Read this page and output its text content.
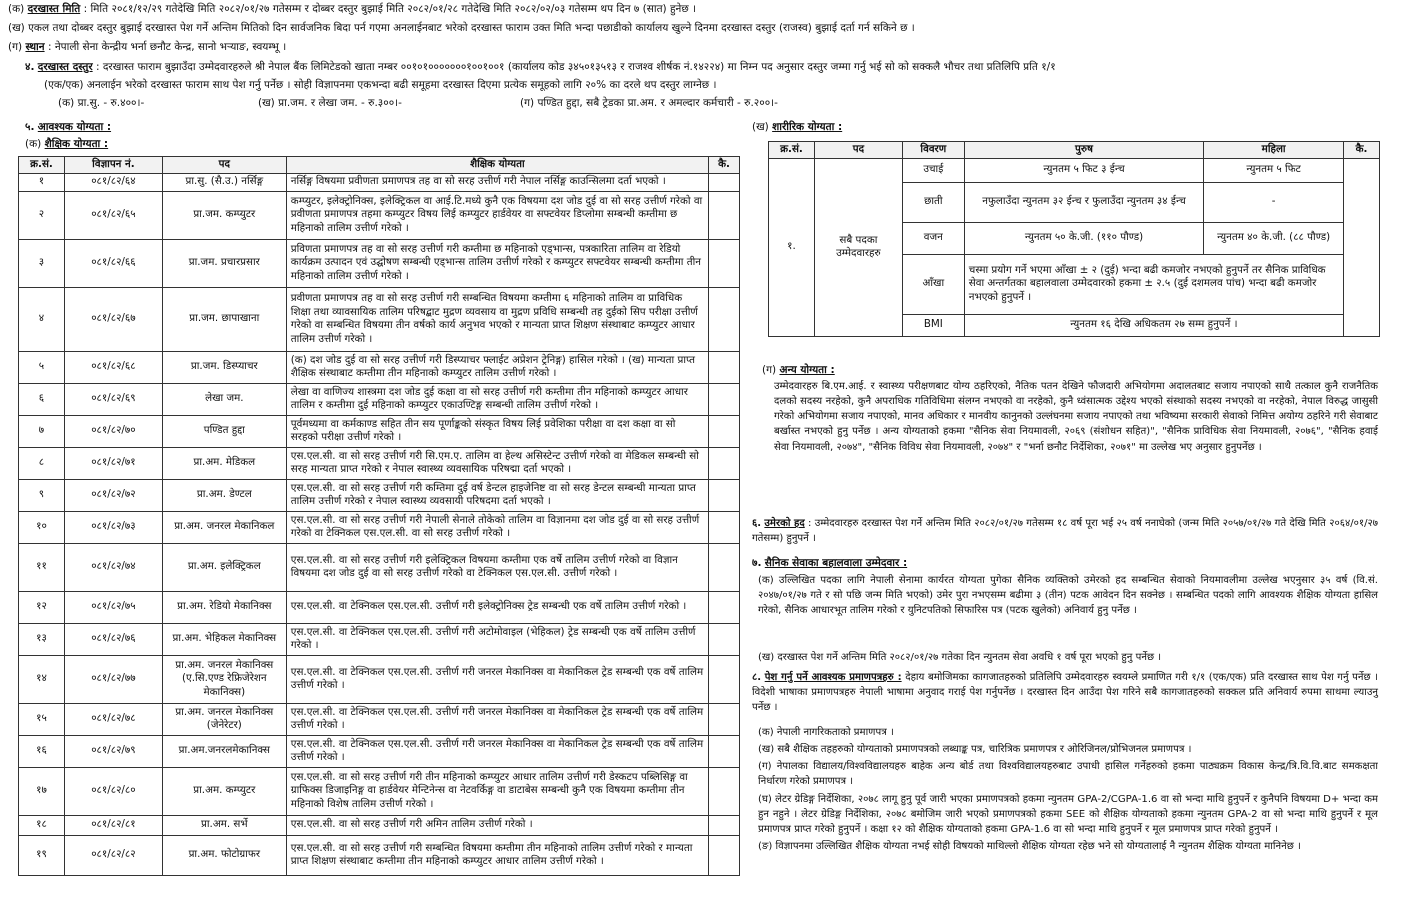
(क) दरखास्त मिति : मिति २०८१/१२/२९ गतेदेखि मिति २०८२/०१/२७ गतेसम्म र दोब्बर दस्तुर बुझाई मिति २०८२/०१/२८ गतेदेखि मिति २०८२/०२/०३ गतेसम्म थप दिन ७ (सात) हुनेछ ।
(ख) एकल तथा दोब्बर दस्तुर बुझाई दरखास्त पेश गर्ने अन्तिम मितिको दिन सार्वजनिक बिदा पर्न गएमा अनलाईनबाट भरेको दरखास्त फाराम उक्त मिति भन्दा पछाडीको कार्यालय खुल्ने दिनमा दरखास्त दस्तुर (राजस्व) बुझाई दर्ता गर्न सकिने छ ।
(ग) स्थान : नेपाली सेना केन्द्रीय भर्ना छनौट केन्द्र, सानो भऱ्याङ, स्वयम्भू ।
४. दरखास्त दस्तुर : दरखास्त फाराम बुझाउँदा उम्मेदवारहरुले श्री नेपाल बैंक लिमिटेडको खाता नम्बर ००१०१०००००००१००१००१ (कार्यालय कोड ३४५०१३५१३ र राजश्व शीर्षक नं.१४२२४) मा निम्न पद अनुसार दस्तुर जम्मा गर्नु भई सो को सक्कलै भौचर तथा प्रतिलिपि प्रति १/१
(एक/एक) अनलाईन भरेको दरखास्त फाराम साथ पेश गर्नु पर्नेछ । सोही विज्ञापनमा एकभन्दा बढी समूहमा दरखास्त दिएमा प्रत्येक समूहको लागि २०% का दरले थप दस्तुर लाग्नेछ ।
(क) प्रा.सु. - रु.४००।-	(ख) प्रा.जम. र लेखा जम. - रु.३००।-	(ग) पण्डित हुद्दा, सबै ट्रेडका प्रा.अम. र अमल्दार कर्मचारी - रु.२००।-
५. आवश्यक योग्यता :
(क) शैक्षिक योग्यता :
क्र.सं.	विज्ञापन नं.	पद	शैक्षिक योग्यता	कै.
१	०८१/८२/६४	प्रा.सु. (सै.उ.) नर्सिङ्ग	नर्सिङ्ग विषयमा प्रवीणता प्रमाणपत्र तह वा सो सरह उत्तीर्ण गरी नेपाल नर्सिङ्ग काउन्सिलमा दर्ता भएको ।	
२	०८१/८२/६५	प्रा.जम. कम्प्युटर	कम्प्युटर, इलेक्ट्रोनिक्स, इलेक्ट्रिकल वा आई.टि.मध्ये कुनै एक विषयमा दश जोड दुई वा सो सरह उत्तीर्ण गरेको वा प्रवीणता प्रमाणपत्र तहमा कम्प्युटर विषय लिई कम्प्युटर हार्डवेयर वा सफ्टवेयर डिप्लोमा सम्बन्धी कम्तीमा छ महिनाको तालिम उत्तीर्ण गरेको ।	
३	०८१/८२/६६	प्रा.जम. प्रचारप्रसार	प्रविणता प्रमाणपत्र तह वा सो सरह उत्तीर्ण गरी कम्तीमा छ महिनाको एड्भान्स, पत्रकारिता तालिम वा रेडियो कार्यक्रम उत्पादन एवं उद्घोषण सम्बन्धी एड्भान्स तालिम उत्तीर्ण गरेको र कम्प्युटर सफ्टवेयर सम्बन्धी कम्तीमा तीन महिनाको तालिम उत्तीर्ण गरेको ।	
४	०८१/८२/६७	प्रा.जम. छापाखाना	प्रवीणता प्रमाणपत्र तह वा सो सरह उत्तीर्ण गरी सम्बन्धित विषयमा कम्तीमा ६ महिनाको तालिम वा प्राविधिक शिक्षा तथा व्यावसायिक तालिम परिषद्बाट मुद्रण व्यवसाय वा मुद्रण प्रविधि सम्बन्धी तह दुईको सिप परीक्षा उत्तीर्ण गरेको वा सम्बन्धित विषयमा तीन वर्षको कार्य अनुभव भएको र मान्यता प्राप्त शिक्षण संस्थाबाट कम्प्युटर आधार तालिम उत्तीर्ण गरेको ।	
५	०८१/८२/६८	प्रा.जम. डिस्प्याचर	(क) दश जोड दुई वा सो सरह उत्तीर्ण गरी डिस्प्याचर फ्लाईट अप्रेशन ट्रेनिङ्ग) हासिल गरेको । (ख) मान्यता प्राप्त शैक्षिक संस्थाबाट कम्तीमा तीन महिनाको कम्प्युटर तालिम उत्तीर्ण गरेको ।	
६	०८१/८२/६९	लेखा जम.	लेखा वा वाणिज्य शास्त्रमा दश जोड दुई कक्षा वा सो सरह उत्तीर्ण गरी कम्तीमा तीन महिनाको कम्प्युटर आधार तालिम र कम्तीमा दुई महिनाको कम्प्युटर एकाउण्टिङ्ग सम्बन्धी तालिम उत्तीर्ण गरेको ।	
७	०८१/८२/७०	पण्डित हुद्दा	पूर्वमध्यमा वा कर्मकाण्ड सहित तीन सय पूर्णाङ्कको संस्कृत विषय लिई प्रवेशिका परीक्षा वा दश कक्षा वा सो सरहको परीक्षा उत्तीर्ण गरेको ।	
८	०८१/८२/७१	प्रा.अम. मेडिकल	एस.एल.सी. वा सो सरह उत्तीर्ण गरी सि.एम.ए. तालिम वा हेल्थ असिस्टेन्ट उत्तीर्ण गरेको वा मेडिकल सम्बन्धी सो सरह मान्यता प्राप्त गरेको र नेपाल स्वास्थ्य व्यवसायिक परिषद्मा दर्ता भएको ।	
९	०८१/८२/७२	प्रा.अम. डेण्टल	एस.एल.सी. वा सो सरह उत्तीर्ण गरी कम्तिमा दुई वर्ष डेन्टल हाइजेनिष्ट वा सो सरह डेन्टल सम्बन्धी मान्यता प्राप्त तालिम उत्तीर्ण गरेको र नेपाल स्वास्थ्य व्यवसायी परिषदमा दर्ता भएको ।	
१०	०८१/८२/७३	प्रा.अम. जनरल मेकानिकल	एस.एल.सी. वा सो सरह उत्तीर्ण गरी नेपाली सेनाले तोकेको तालिम वा विज्ञानमा दश जोड दुई वा सो सरह उत्तीर्ण गरेको वा टेक्निकल एस.एल.सी. वा सो सरह उत्तीर्ण गरेको ।	
११	०८१/८२/७४	प्रा.अम. इलेक्ट्रिकल	एस.एल.सी. वा सो सरह उत्तीर्ण गरी इलेक्ट्रिकल विषयमा कम्तीमा एक वर्षे तालिम उत्तीर्ण गरेको वा विज्ञान विषयमा दश जोड दुई वा सो सरह उत्तीर्ण गरेको वा टेक्निकल एस.एल.सी. उत्तीर्ण गरेको ।	
१२	०८१/८२/७५	प्रा.अम. रेडियो मेकानिक्स	एस.एल.सी. वा टेक्निकल एस.एल.सी. उत्तीर्ण गरी इलेक्ट्रोनिक्स ट्रेड सम्बन्धी एक वर्षे तालिम उत्तीर्ण गरेको ।	
१३	०८१/८२/७६	प्रा.अम. भेहिकल मेकानिक्स	एस.एल.सी. वा टेक्निकल एस.एल.सी. उत्तीर्ण गरी अटोमोवाइल (भेहिकल) ट्रेड सम्बन्धी एक वर्षे तालिम उत्तीर्ण गरेको ।	
१४	०८१/८२/७७	प्रा.अम. जनरल मेकानिक्स (ए.सि.एण्ड रेफ्रिजेरेशन मेकानिक्स)	एस.एल.सी. वा टेक्निकल एस.एल.सी. उत्तीर्ण गरी जनरल मेकानिक्स वा मेकानिकल ट्रेड सम्बन्धी एक वर्षे तालिम उत्तीर्ण गरेको ।	
१५	०८१/८२/७८	प्रा.अम. जनरल मेकानिक्स (जेनेरेटर)	एस.एल.सी. वा टेक्निकल एस.एल.सी. उत्तीर्ण गरी जनरल मेकानिक्स वा मेकानिकल ट्रेड सम्बन्धी एक वर्षे तालिम उत्तीर्ण गरेको ।	
१६	०८१/८२/७९	प्रा.अम.जनरलमेकानिक्स	एस.एल.सी. वा टेक्निकल एस.एल.सी. उत्तीर्ण गरी जनरल मेकानिक्स वा मेकानिकल ट्रेड सम्बन्धी एक वर्षे तालिम उत्तीर्ण गरेको ।	
१७	०८१/८२/८०	प्रा.अम. कम्प्युटर	एस.एल.सी. वा सो सरह उत्तीर्ण गरी तीन महिनाको कम्प्युटर आधार तालिम उत्तीर्ण गरी डेस्कटप पब्लिसिङ्ग वा ग्राफिक्स डिजाइनिङ्ग वा हार्डवेयर मेन्टिनेन्स वा नेटवर्किङ्ग वा डाटाबेस सम्बन्धी कुनै एक विषयमा कम्तीमा तीन महिनाको विशेष तालिम उत्तीर्ण गरेको ।	
१८	०८१/८२/८१	प्रा.अम. सर्भे	एस.एल.सी. वा सो सरह उत्तीर्ण गरी अमिन तालिम उत्तीर्ण गरेको ।	
१९	०८१/८२/८२	प्रा.अम. फोटोग्राफर	एस.एल.सी. वा सो सरह उत्तीर्ण गरी सम्बन्धित विषयमा कम्तीमा तीन महिनाको तालिम उत्तीर्ण गरेको र मान्यता प्राप्त शिक्षण संस्थाबाट कम्तीमा तीन महिनाको कम्प्युटर आधार तालिम उत्तीर्ण गरेको ।	
(ख) शारीरिक योग्यता :
क्र.सं.	पद	विवरण	पुरुष	महिला	कै.
१.	सबै पदका उम्मेदवारहरु	उचाई	न्युनतम ५ फिट ३ ईन्च	न्युनतम ५ फिट	
		छाती	नफुलाउँदा न्युनतम ३२ ईन्च र फुलाउँदा न्युनतम ३४ ईन्च	-	
		वजन	न्युनतम ५० के.जी. (११० पौण्ड)	न्युनतम ४० के.जी. (८८ पौण्ड)	
		आँखा	चस्मा प्रयोग गर्ने भएमा आँखा ± २ (दुई) भन्दा बढी कमजोर नभएको हुनुपर्ने तर सैनिक प्राविधिक सेवा अन्तर्गतका बहालवाला उम्मेदवारको हकमा ± २.५ (दुई दशमलव पांच) भन्दा बढी कमजोर नभएको हुनुपर्ने ।		
		BMI	न्युनतम १६ देखि अधिकतम २७ सम्म हुनुपर्ने ।		
(ग) अन्य योग्यता :
उम्मेदवारहरु बि.एम.आई. र स्वास्थ्य परीक्षणबाट योग्य ठहरिएको, नैतिक पतन देखिने फौजदारी अभियोगमा अदालतबाट सजाय नपाएको साथै तत्काल कुनै राजनैतिक दलको सदस्य नरहेको, कुनै अपराधिक गतिविधिमा संलग्न नभएको वा नरहेको, कुनै ध्वंसात्मक उद्देश्य भएको संस्थाको सदस्य नभएको वा नरहेको, नेपाल विरुद्ध जासुसी गरेको अभियोगमा सजाय नपाएको, मानव अधिकार र मानवीय कानुनको उल्लंघनमा सजाय नपाएको तथा भविष्यमा सरकारी सेवाको निमित्त अयोग्य ठहरिने गरी सेवाबाट बर्खास्त नभएको हुनु पर्नेछ । अन्य योग्यताको हकमा "सैनिक सेवा नियमावली, २०६९ (संशोधन सहित)", "सैनिक प्राविधिक सेवा नियमावली, २०७६", "सैनिक हवाई सेवा नियमावली, २०७४", "सैनिक विविध सेवा नियमावली, २०७४" र "भर्ना छनौट निर्देशिका, २०७१" मा उल्लेख भए अनुसार हुनुपर्नेछ ।
६. उमेरको हद : उम्मेदवारहरु दरखास्त पेश गर्ने अन्तिम मिति २०८२/०१/२७ गतेसम्म १८ वर्ष पूरा भई २५ वर्ष ननाघेको (जन्म मिति २०५७/०१/२७ गते देखि मिति २०६४/०१/२७ गतेसम्म) हुनुपर्ने ।
७. सैनिक सेवाका बहालवाला उम्मेदवार :
(क) उल्लिखित पदका लागि नेपाली सेनामा कार्यरत योग्यता पुगेका सैनिक व्यक्तिको उमेरको हद सम्बन्धित सेवाको नियमावलीमा उल्लेख भएनुसार ३५ वर्ष (वि.सं. २०४७/०१/२७ गते र सो पछि जन्म मिति भएको) उमेर पुरा नभएसम्म बढीमा ३ (तीन) पटक आवेदन दिन सक्नेछ । सम्बन्धित पदको लागि आवश्यक शैक्षिक योग्यता हासिल गरेको, सैनिक आधारभूत तालिम गरेको र युनिटपतिको सिफारिस पत्र (पटक खुलेको) अनिवार्य हुनु पर्नेछ ।
(ख) दरखास्त पेश गर्ने अन्तिम मिति २०८२/०१/२७ गतेका दिन न्युनतम सेवा अवधि १ वर्ष पूरा भएको हुनु पर्नेछ ।
८. पेश गर्नु पर्ने आवश्यक प्रमाणपत्रहरु : देहाय बमोजिमका कागजातहरुको प्रतिलिपि उम्मेदवारहरु स्वयम्ले प्रमाणित गरी १/१ (एक/एक) प्रति दरखास्त साथ पेश गर्नु पर्नेछ । विदेशी भाषाका प्रमाणपत्रहरु नेपाली भाषामा अनुवाद गराई पेश गर्नुपर्नेछ । दरखास्त दिन आउँदा पेश गरिने सबै कागजातहरुको सक्कल प्रति अनिवार्य रुपमा साथमा ल्याउनु पर्नेछ ।

(क) नेपाली नागरिकताको प्रमाणपत्र ।

(ख) सबै शैक्षिक तहहरुको योग्यताको प्रमाणपत्रको लब्धाङ्क पत्र, चारित्रिक प्रमाणपत्र र ओरिजिनल/प्रोभिजनल प्रमाणपत्र ।

(ग) नेपालका विद्यालय/विश्वविद्यालयहरु बाहेक अन्य बोर्ड तथा विश्वविद्यालयहरुबाट उपाधी हासिल गर्नेहरुको हकमा पाठ्यक्रम विकास केन्द्र/त्रि.वि.वि.बाट समकक्षता निर्धारण गरेको प्रमाणपत्र ।

(घ) लेटर ग्रेडिङ्ग निर्देशिका, २०७८ लागू हुनु पूर्व जारी भएका प्रमाणपत्रको हकमा न्युनतम GPA-2/CGPA-1.6 वा सो भन्दा माथि हुनुपर्ने र कुनैपनि विषयमा D+ भन्दा कम हुन नहुने । लेटर ग्रेडिङ्ग निर्देशिका, २०७८ बमोजिम जारी भएको प्रमाणपत्रको हकमा SEE को शैक्षिक योग्यताको हकमा न्युनतम GPA-2 वा सो भन्दा माथि हुनुपर्ने र मूल प्रमाणपत्र प्राप्त गरेको हुनुपर्ने । कक्षा १२ को शैक्षिक योग्यताको हकमा GPA-1.6 वा सो भन्दा माथि हुनुपर्ने र मूल प्रमाणपत्र प्राप्त गरेको हुनुपर्ने ।

(ङ) विज्ञापनमा उल्लिखित शैक्षिक योग्यता नभई सोही विषयको माथिल्लो शैक्षिक योग्यता रहेछ भने सो योग्यतालाई नै न्युनतम शैक्षिक योग्यता मानिनेछ ।
